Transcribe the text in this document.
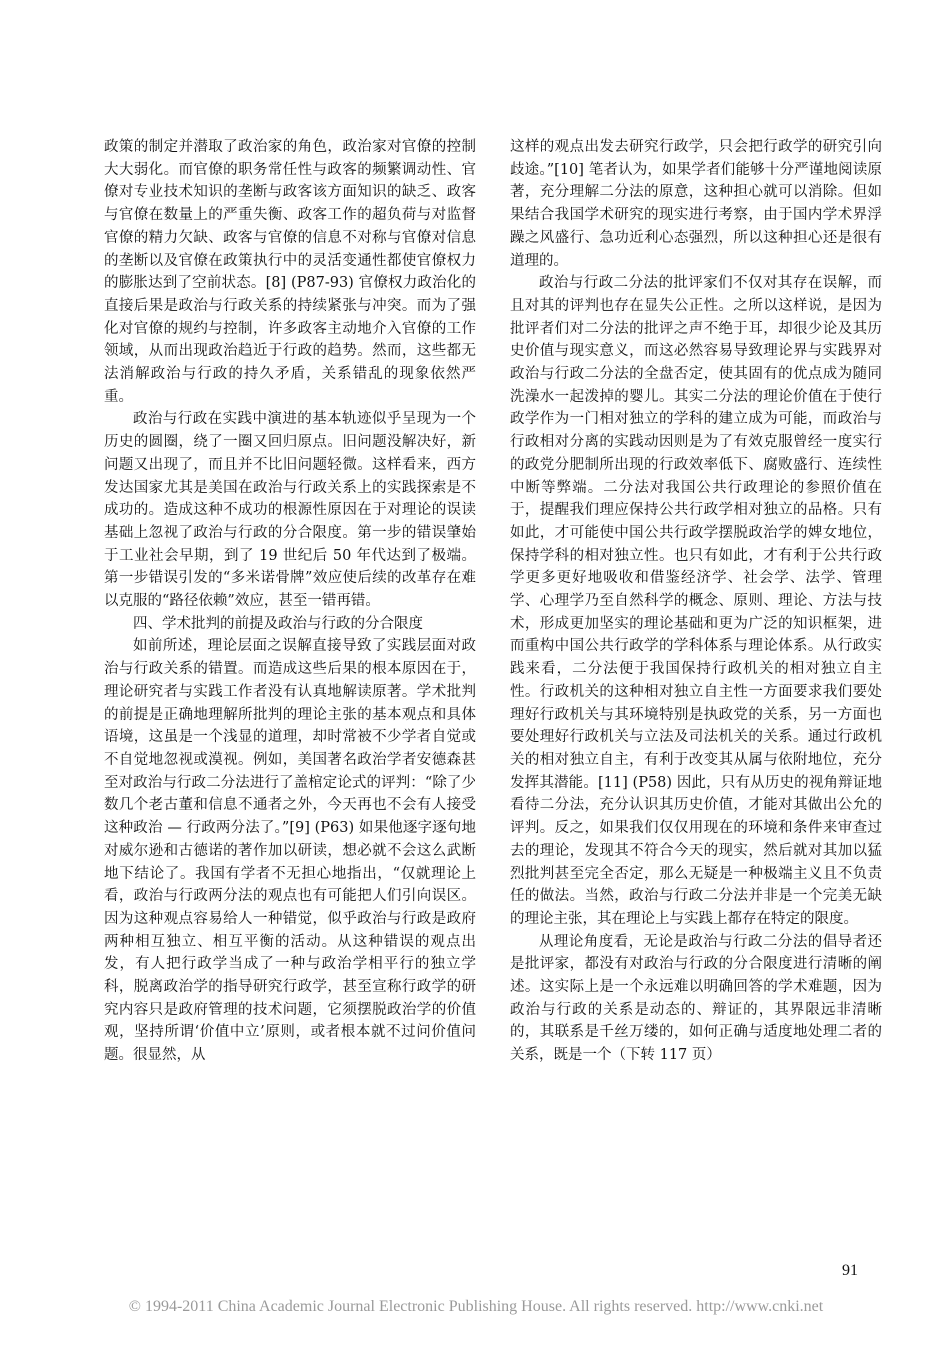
政策的制定并潜取了政治家的角色，政治家对官僚的控制大大弱化。而官僚的职务常任性与政客的频繁调动性、官僚对专业技术知识的垄断与政客该方面知识的缺乏、政客与官僚在数量上的严重失衡、政客工作的超负荷与对监督官僚的精力欠缺、政客与官僚的信息不对称与官僚对信息的垄断以及官僚在政策执行中的灵活变通性都使官僚权力的膨胀达到了空前状态。[8] (P87-93) 官僚权力政治化的直接后果是政治与行政关系的持续紧张与冲突。而为了强化对官僚的规约与控制，许多政客主动地介入官僚的工作领域，从而出现政治趋近于行政的趋势。然而，这些都无法消解政治与行政的持久矛盾，关系错乱的现象依然严重。

政治与行政在实践中演进的基本轨迹似乎呈现为一个历史的圆圈，绕了一圈又回归原点。旧问题没解决好，新问题又出现了，而且并不比旧问题轻微。这样看来，西方发达国家尤其是美国在政治与行政关系上的实践探索是不成功的。造成这种不成功的根源性原因在于对理论的误读基础上忽视了政治与行政的分合限度。第一步的错误肇始于工业社会早期，到了 19 世纪后 50 年代达到了极端。第一步错误引发的“多米诺骨牌”效应使后续的改革存在难以克服的“路径依赖”效应，甚至一错再错。

四、学术批判的前提及政治与行政的分合限度

如前所述，理论层面之误解直接导致了实践层面对政治与行政关系的错置。而造成这些后果的根本原因在于，理论研究者与实践工作者没有认真地解读原著。学术批判的前提是正确地理解所批判的理论主张的基本观点和具体语境，这虽是一个浅显的道理，却时常被不少学者自觉或不自觉地忽视或漠视。例如，美国著名政治学者安德森甚至对政治与行政二分法进行了盖棺定论式的评判：“除了少数几个老古董和信息不通者之外，今天再也不会有人接受这种政治 — 行政两分法了。”[9] (P63) 如果他逐字逐句地对威尔逊和古德诺的著作加以研读，想必就不会这么武断地下结论了。我国有学者不无担心地指出，“仅就理论上看，政治与行政两分法的观点也有可能把人们引向误区。因为这种观点容易给人一种错觉，似乎政治与行政是政府两种相互独立、相互平衡的活动。从这种错误的观点出发，有人把行政学当成了一种与政治学相平行的独立学科，脱离政治学的指导研究行政学，甚至宣称行政学的研究内容只是政府管理的技术问题，它须摆脱政治学的价值观，坚持所谓‘价值中立’原则，或者根本就不过问价值问题。很显然，从

这样的观点出发去研究行政学，只会把行政学的研究引向歧途。”[10] 笔者认为，如果学者们能够十分严谨地阅读原著，充分理解二分法的原意，这种担心就可以消除。但如果结合我国学术研究的现实进行考察，由于国内学术界浮躁之风盛行、急功近利心态强烈，所以这种担心还是很有道理的。

政治与行政二分法的批评家们不仅对其存在误解，而且对其的评判也存在显失公正性。之所以这样说，是因为批评者们对二分法的批评之声不绝于耳，却很少论及其历史价值与现实意义，而这必然容易导致理论界与实践界对政治与行政二分法的全盘否定，使其固有的优点成为随同洗澡水一起泼掉的婴儿。其实二分法的理论价值在于使行政学作为一门相对独立的学科的建立成为可能，而政治与行政相对分离的实践动因则是为了有效克服曾经一度实行的政党分肥制所出现的行政效率低下、腐败盛行、连续性中断等弊端。二分法对我国公共行政理论的参照价值在于，提醒我们理应保持公共行政学相对独立的品格。只有如此，才可能使中国公共行政学摆脱政治学的婢女地位，保持学科的相对独立性。也只有如此，才有利于公共行政学更多更好地吸收和借鉴经济学、社会学、法学、管理学、心理学乃至自然科学的概念、原则、理论、方法与技术，形成更加坚实的理论基础和更为广泛的知识框架，进而重构中国公共行政学的学科体系与理论体系。从行政实践来看，二分法便于我国保持行政机关的相对独立自主性。行政机关的这种相对独立自主性一方面要求我们要处理好行政机关与其环境特别是执政党的关系，另一方面也要处理好行政机关与立法及司法机关的关系。通过行政机关的相对独立自主，有利于改变其从属与依附地位，充分发挥其潜能。[11] (P58) 因此，只有从历史的视角辩证地看待二分法，充分认识其历史价值，才能对其做出公允的评判。反之，如果我们仅仅用现在的环境和条件来审查过去的理论，发现其不符合今天的现实，然后就对其加以猛烈批判甚至完全否定，那么无疑是一种极端主义且不负责任的做法。当然，政治与行政二分法并非是一个完美无缺的理论主张，其在理论上与实践上都存在特定的限度。

从理论角度看，无论是政治与行政二分法的倡导者还是批评家，都没有对政治与行政的分合限度进行清晰的阐述。这实际上是一个永远难以明确回答的学术难题，因为政治与行政的关系是动态的、辩证的，其界限远非清晰的，其联系是千丝万缕的，如何正确与适度地处理二者的关系，既是一个（下转 117 页）

91
© 1994-2011 China Academic Journal Electronic Publishing House. All rights reserved. http://www.cnki.net
